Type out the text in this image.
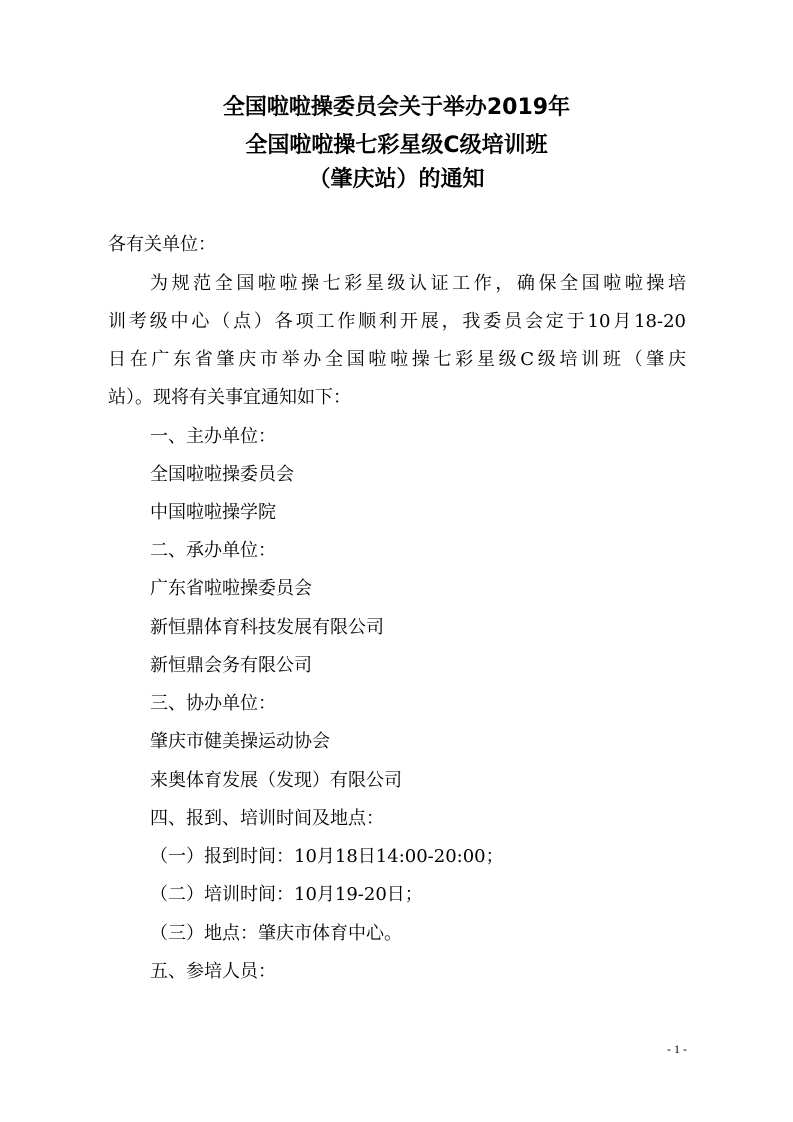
全国啦啦操委员会关于举办2019年
全国啦啦操七彩星级C级培训班
（肇庆站）的通知
各有关单位：
为规范全国啦啦操七彩星级认证工作，确保全国啦啦操培
训考级中心（点）各项工作顺利开展，我委员会定于10月18-20
日在广东省肇庆市举办全国啦啦操七彩星级C级培训班（肇庆
站）。现将有关事宜通知如下：
一、主办单位：
全国啦啦操委员会
中国啦啦操学院
二、承办单位：
广东省啦啦操委员会
新恒鼎体育科技发展有限公司
新恒鼎会务有限公司
三、协办单位：
肇庆市健美操运动协会
来奥体育发展（发现）有限公司
四、报到、培训时间及地点：
（一）报到时间：10月18日14:00-20:00；
（二）培训时间：10月19-20日；
（三）地点：肇庆市体育中心。
五、参培人员：
- 1 -
